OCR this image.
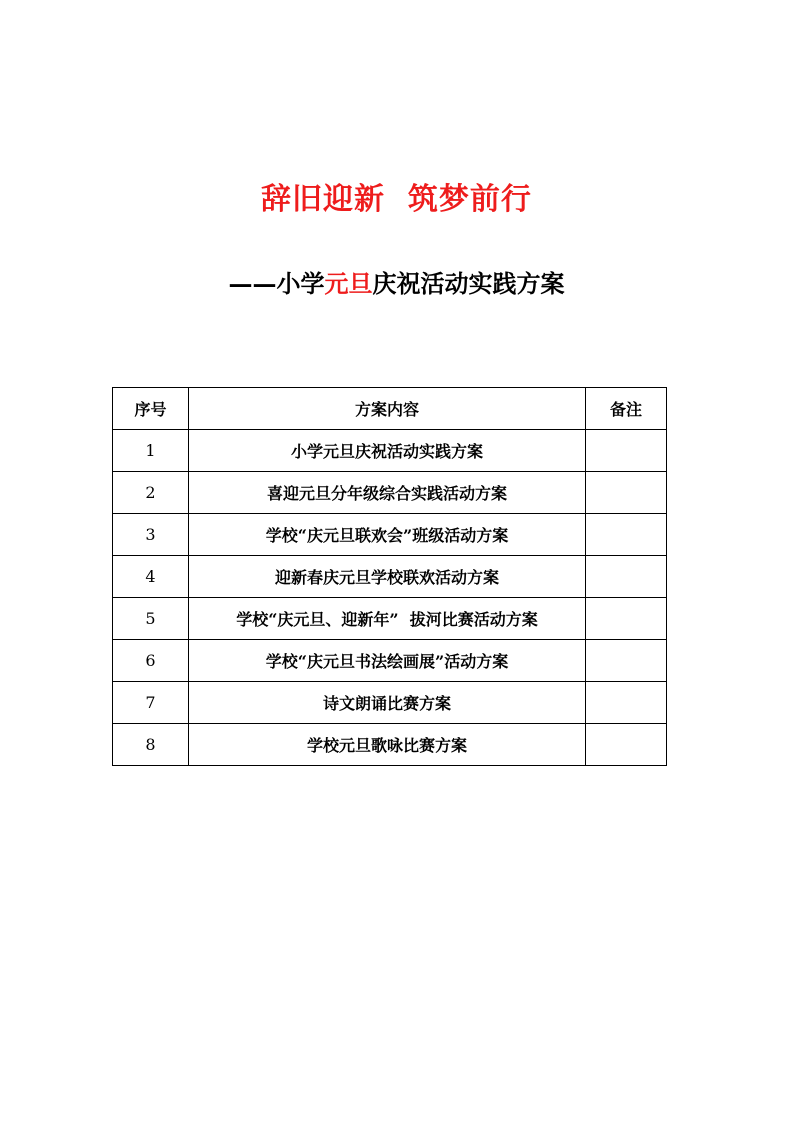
辞旧迎新  筑梦前行
——小学元旦庆祝活动实践方案
序号	方案内容	备注
1	小学元旦庆祝活动实践方案	
2	喜迎元旦分年级综合实践活动方案	
3	学校“庆元旦联欢会”班级活动方案	
4	迎新春庆元旦学校联欢活动方案	
5	学校“庆元旦、迎新年”  拔河比赛活动方案	
6	学校“庆元旦书法绘画展”活动方案	
7	诗文朗诵比赛方案	
8	学校元旦歌咏比赛方案	
